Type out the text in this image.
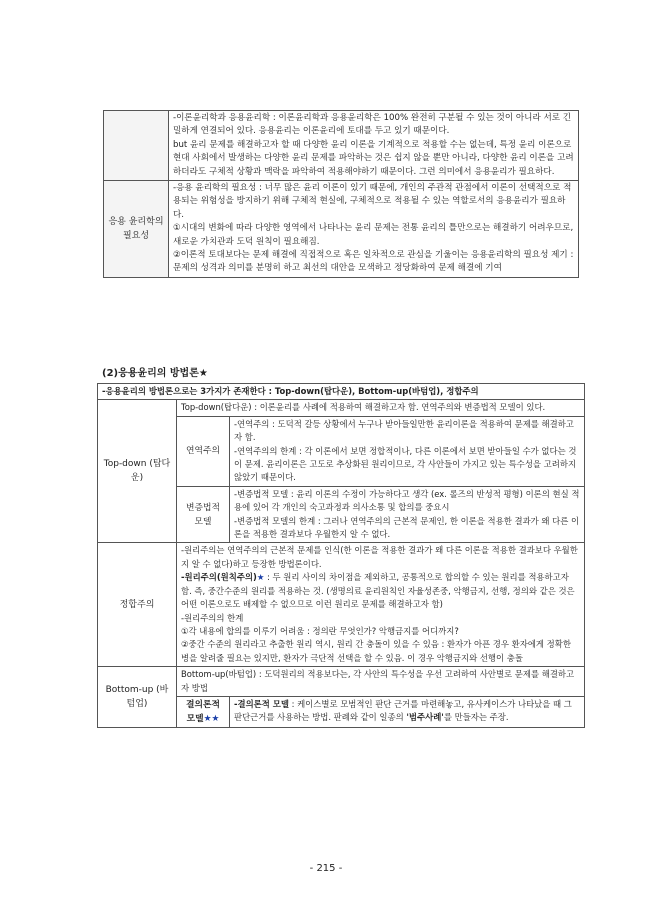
	-이론윤리학과 응용윤리학 : 이론윤리학과 응용윤리학은 100% 완전히 구분될 수 있는 것이 아니라 서로 긴밀하게 연결되어 있다. 응용윤리는 이론윤리에 토대를 두고 있기 때문이다.

but 윤리 문제를 해결하고자 할 때 다양한 윤리 이론을 기계적으로 적용할 수는 없는데, 특정 윤리 이론으로 현대 사회에서 발생하는 다양한 윤리 문제를 파악하는 것은 쉽지 않을 뿐만 아니라, 다양한 윤리 이론을 고려하더라도 구체적 상황과 맥락을 파악하여 적용해야하기 때문이다. 그런 의미에서 응용윤리가 필요하다.

응용 윤리학의 필요성	-응용 윤리학의 필요성 : 너무 많은 윤리 이론이 있기 때문에, 개인의 주관적 관점에서 이론이 선택적으로 적용되는 위험성을 방지하기 위해 구체적 현실에, 구체적으로 적용될 수 있는 역할로서의 응용윤리가 필요하다.

①시대의 변화에 따라 다양한 영역에서 나타나는 윤리 문제는 전통 윤리의 틀만으로는 해결하기 어려우므로, 새로운 가치관과 도덕 원칙이 필요해짐.

②이론적 토대보다는 문제 해결에 직접적으로 혹은 일차적으로 관심을 기울이는 응용윤리학의 필요성 제기 : 문제의 성격과 의미를 분명히 하고 최선의 대안을 모색하고 정당화하여 문제 해결에 기여

(2)응용윤리의 방법론★
-응용윤리의 방법론으로는 3가지가 존재한다 : Top-down(탑다운), Bottom-up(바텀업), 정합주의		
Top-down (탑다운)	Top-down(탑다운) : 이론윤리를 사례에 적용하여 해결하고자 함. 연역주의와 변증법적 모델이 있다.	
	연역주의	-연역주의 : 도덕적 갈등 상황에서 누구나 받아들일만한 윤리이론을 적용하여 문제를 해결하고자 함.

-연역주의의 한계 : 각 이론에서 보면 정합적이나, 다른 이론에서 보면 받아들일 수가 없다는 것이 문제. 윤리이론은 고도로 추상화된 원리이므로, 각 사안들이 가지고 있는 특수성을 고려하지 않았기 때문이다.

	변증법적 모델	-변증법적 모델 : 윤리 이론의 수정이 가능하다고 생각 (ex. 롤즈의 반성적 평형) 이론의 현실 적용에 있어 각 개인의 숙고과정과 의사소통 및 합의를 중요시

-변증법적 모델의 한계 : 그러나 연역주의의 근본적 문제인, 한 이론을 적용한 결과가 왜 다른 이론을 적용한 결과보다 우월한지 알 수 없다.

정합주의	-원리주의는 연역주의의 근본적 문제를 인식(한 이론을 적용한 결과가 왜 다른 이론을 적용한 결과보다 우월한지 알 수 없다)하고 등장한 방법론이다.

-원리주의(원칙주의)★ : 두 원리 사이의 차이점을 제외하고, 공통적으로 합의할 수 있는 원리를 적용하고자 함. 즉, 중간수준의 원리를 적용하는 것. (생명의료 윤리원칙인 자율성존중, 악행금지, 선행, 정의와 같은 것은 어떤 이론으로도 배제할 수 없으므로 이런 원리로 문제를 해결하고자 함)

-원리주의의 한계

①각 내용에 합의를 이루기 어려움 : 정의란 무엇인가? 악행금지를 어디까지?

②중간 수준의 원리라고 추출한 원리 역시, 원리 간 충돌이 있을 수 있음 : 환자가 아픈 경우 환자에게 정확한 병을 알려줄 필요는 있지만, 환자가 극단적 선택을 할 수 있음. 이 경우 악행금지와 선행이 충돌	

Bottom-up (바텀업)	Bottom-up(바텀업) : 도덕원리의 적용보다는, 각 사안의 특수성을 우선 고려하여 사안별로 문제를 해결하고자 방법	
	결의론적 모델★★	-결의론적 모델 : 케이스별로 모범적인 판단 근거를 마련해놓고, 유사케이스가 나타났을 때 그 판단근거를 사용하는 방법. 판례와 같이 일종의 '범주사례'를 만들자는 주장.

- 215 -
